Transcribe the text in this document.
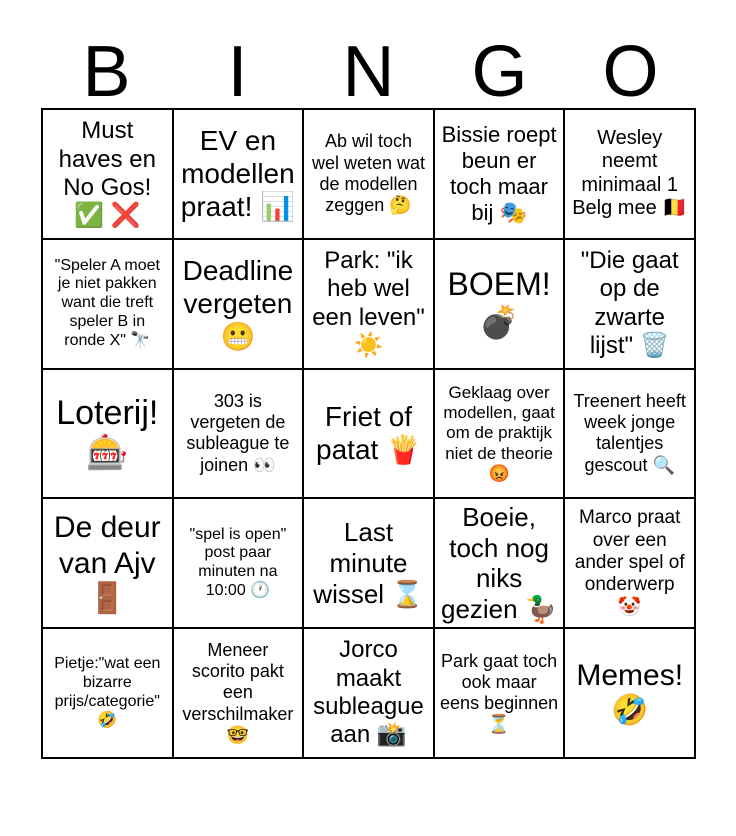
B	I	N	G	O
Must haves en No Gos! ✅ ❌
EV en modellen praat! 📊
Ab wil toch wel weten wat de modellen zeggen 🤔
Bissie roept beun er toch maar bij 🎭
Wesley neemt minimaal 1 Belg mee 🇧🇪
"Speler A moet je niet pakken want die treft speler B in ronde X" 🔭
Deadline vergeten 😬
Park: "ik heb wel een leven" ☀️
BOEM! 💣
"Die gaat op de zwarte lijst" 🗑️
Loterij! 🎰
303 is vergeten de subleague te joinen 👀
Friet of patat 🍟
Geklaag over modellen, gaat om de praktijk niet de theorie 😡
Treenert heeft week jonge talentjes gescout 🔍
De deur van Ajv 🚪
"spel is open" post paar minuten na 10:00 🕐
Last minute wissel ⌛
Boeie, toch nog niks gezien 🦆
Marco praat over een ander spel of onderwerp 🤡
Pietje:"wat een bizarre prijs/categorie" 🤣
Meneer scorito pakt een verschilmaker 🤓
Jorco maakt subleague aan 📸
Park gaat toch ook maar eens beginnen ⏳
Memes! 🤣
